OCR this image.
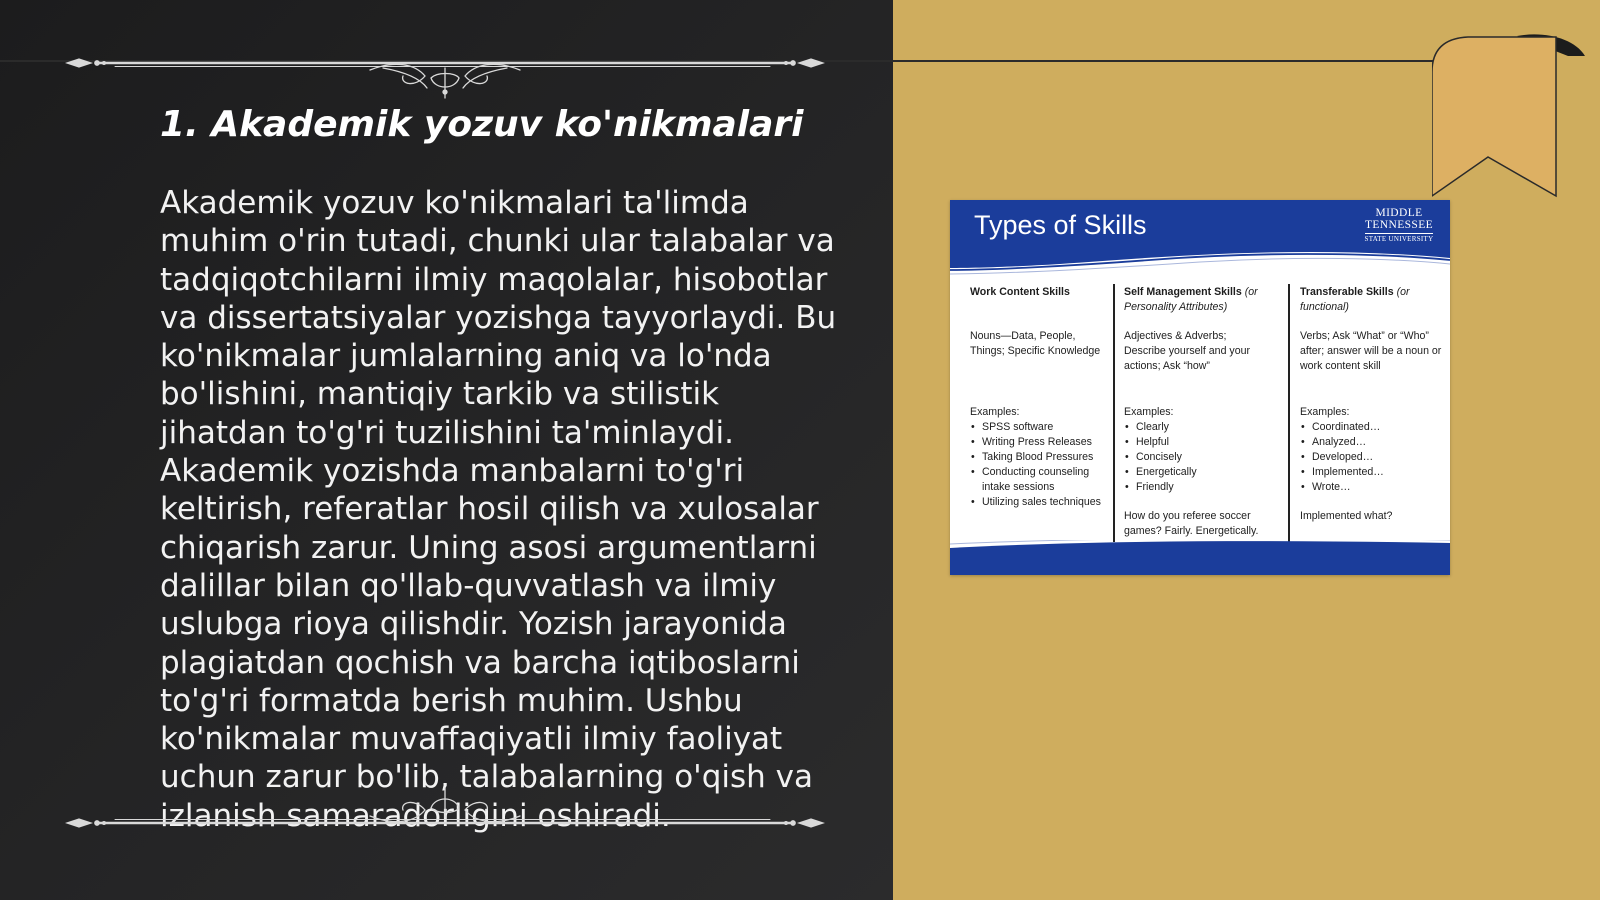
1. Akademik yozuv ko'nikmalari

Akademik yozuv ko'nikmalari ta'limda muhim o'rin tutadi, chunki ular talabalar va tadqiqotchilarni ilmiy maqolalar, hisobotlar va dissertatsiyalar yozishga tayyorlaydi. Bu ko'nikmalar jumlalarning aniq va lo'nda bo'lishini, mantiqiy tarkib va stilistik jihatdan to'g'ri tuzilishini ta'minlaydi. Akademik yozishda manbalarni to'g'ri keltirish, referatlar hosil qilish va xulosalar chiqarish zarur. Uning asosi argumentlarni dalillar bilan qo'llab-quvvatlash va ilmiy uslubga rioya qilishdir. Yozish jarayonida plagiatdan qochish va barcha iqtiboslarni to'g'ri formatda berish muhim. Ushbu ko'nikmalar muvaffaqiyatli ilmiy faoliyat uchun zarur bo'lib, talabalarning o'qish va izlanish samaradorligini oshiradi.

Types of Skills	MIDDLE
TENNESSEE
STATE UNIVERSITY
Work Content Skills
Nouns—Data, People, Things; Specific Knowledge

Examples:

• SPSS software
• Writing Press Releases
• Taking Blood Pressures
• Conducting counseling intake sessions
• Utilizing sales techniques
Self Management Skills (or Personality Attributes)
Adjectives & Adverbs; Describe yourself and your actions; Ask “how”

Examples:

• Clearly
• Helpful
• Concisely
• Energetically
• Friendly
How do you referee soccer games? Fairly. Energetically.
Transferable Skills (or functional)
Verbs; Ask “What” or “Who” after; answer will be a noun or work content skill

Examples:

• Coordinated…
• Analyzed…
• Developed…
• Implemented…
• Wrote…
Implemented what?
